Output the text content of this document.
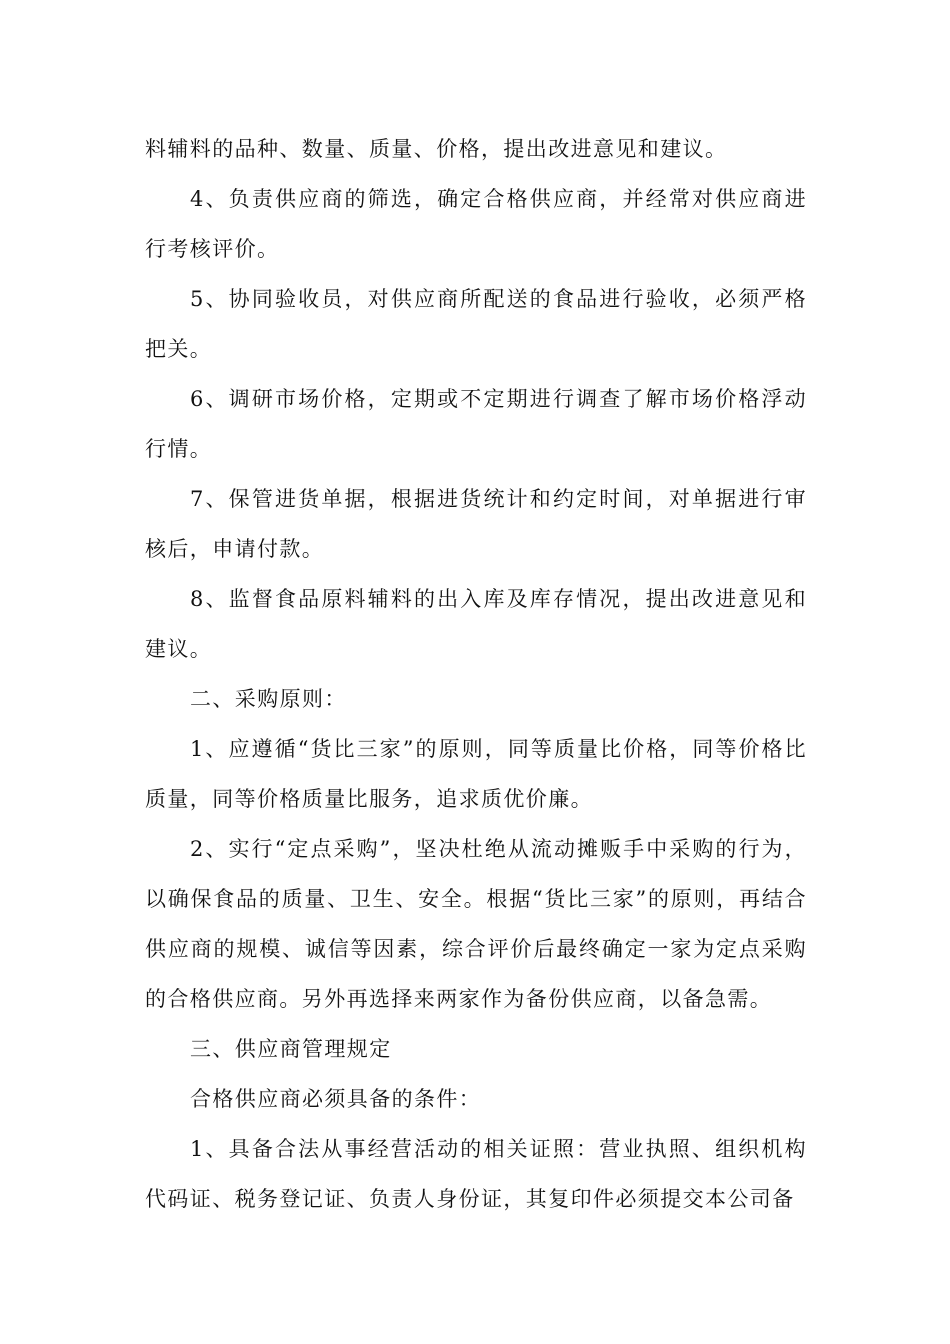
料辅料的品种、数量、质量、价格，提出改进意见和建议。

4、负责供应商的筛选，确定合格供应商，并经常对供应商进行考核评价。

5、协同验收员，对供应商所配送的食品进行验收，必须严格把关。

6、调研市场价格，定期或不定期进行调查了解市场价格浮动行情。

7、保管进货单据，根据进货统计和约定时间，对单据进行审核后，申请付款。

8、监督食品原料辅料的出入库及库存情况，提出改进意见和建议。

二、采购原则：

1、应遵循“货比三家”的原则，同等质量比价格，同等价格比质量，同等价格质量比服务，追求质优价廉。

2、实行“定点采购”，坚决杜绝从流动摊贩手中采购的行为，以确保食品的质量、卫生、安全。根据“货比三家”的原则，再结合供应商的规模、诚信等因素，综合评价后最终确定一家为定点采购的合格供应商。另外再选择来两家作为备份供应商，以备急需。

三、供应商管理规定

合格供应商必须具备的条件：

1、具备合法从事经营活动的相关证照：营业执照、组织机构代码证、税务登记证、负责人身份证，其复印件必须提交本公司备
